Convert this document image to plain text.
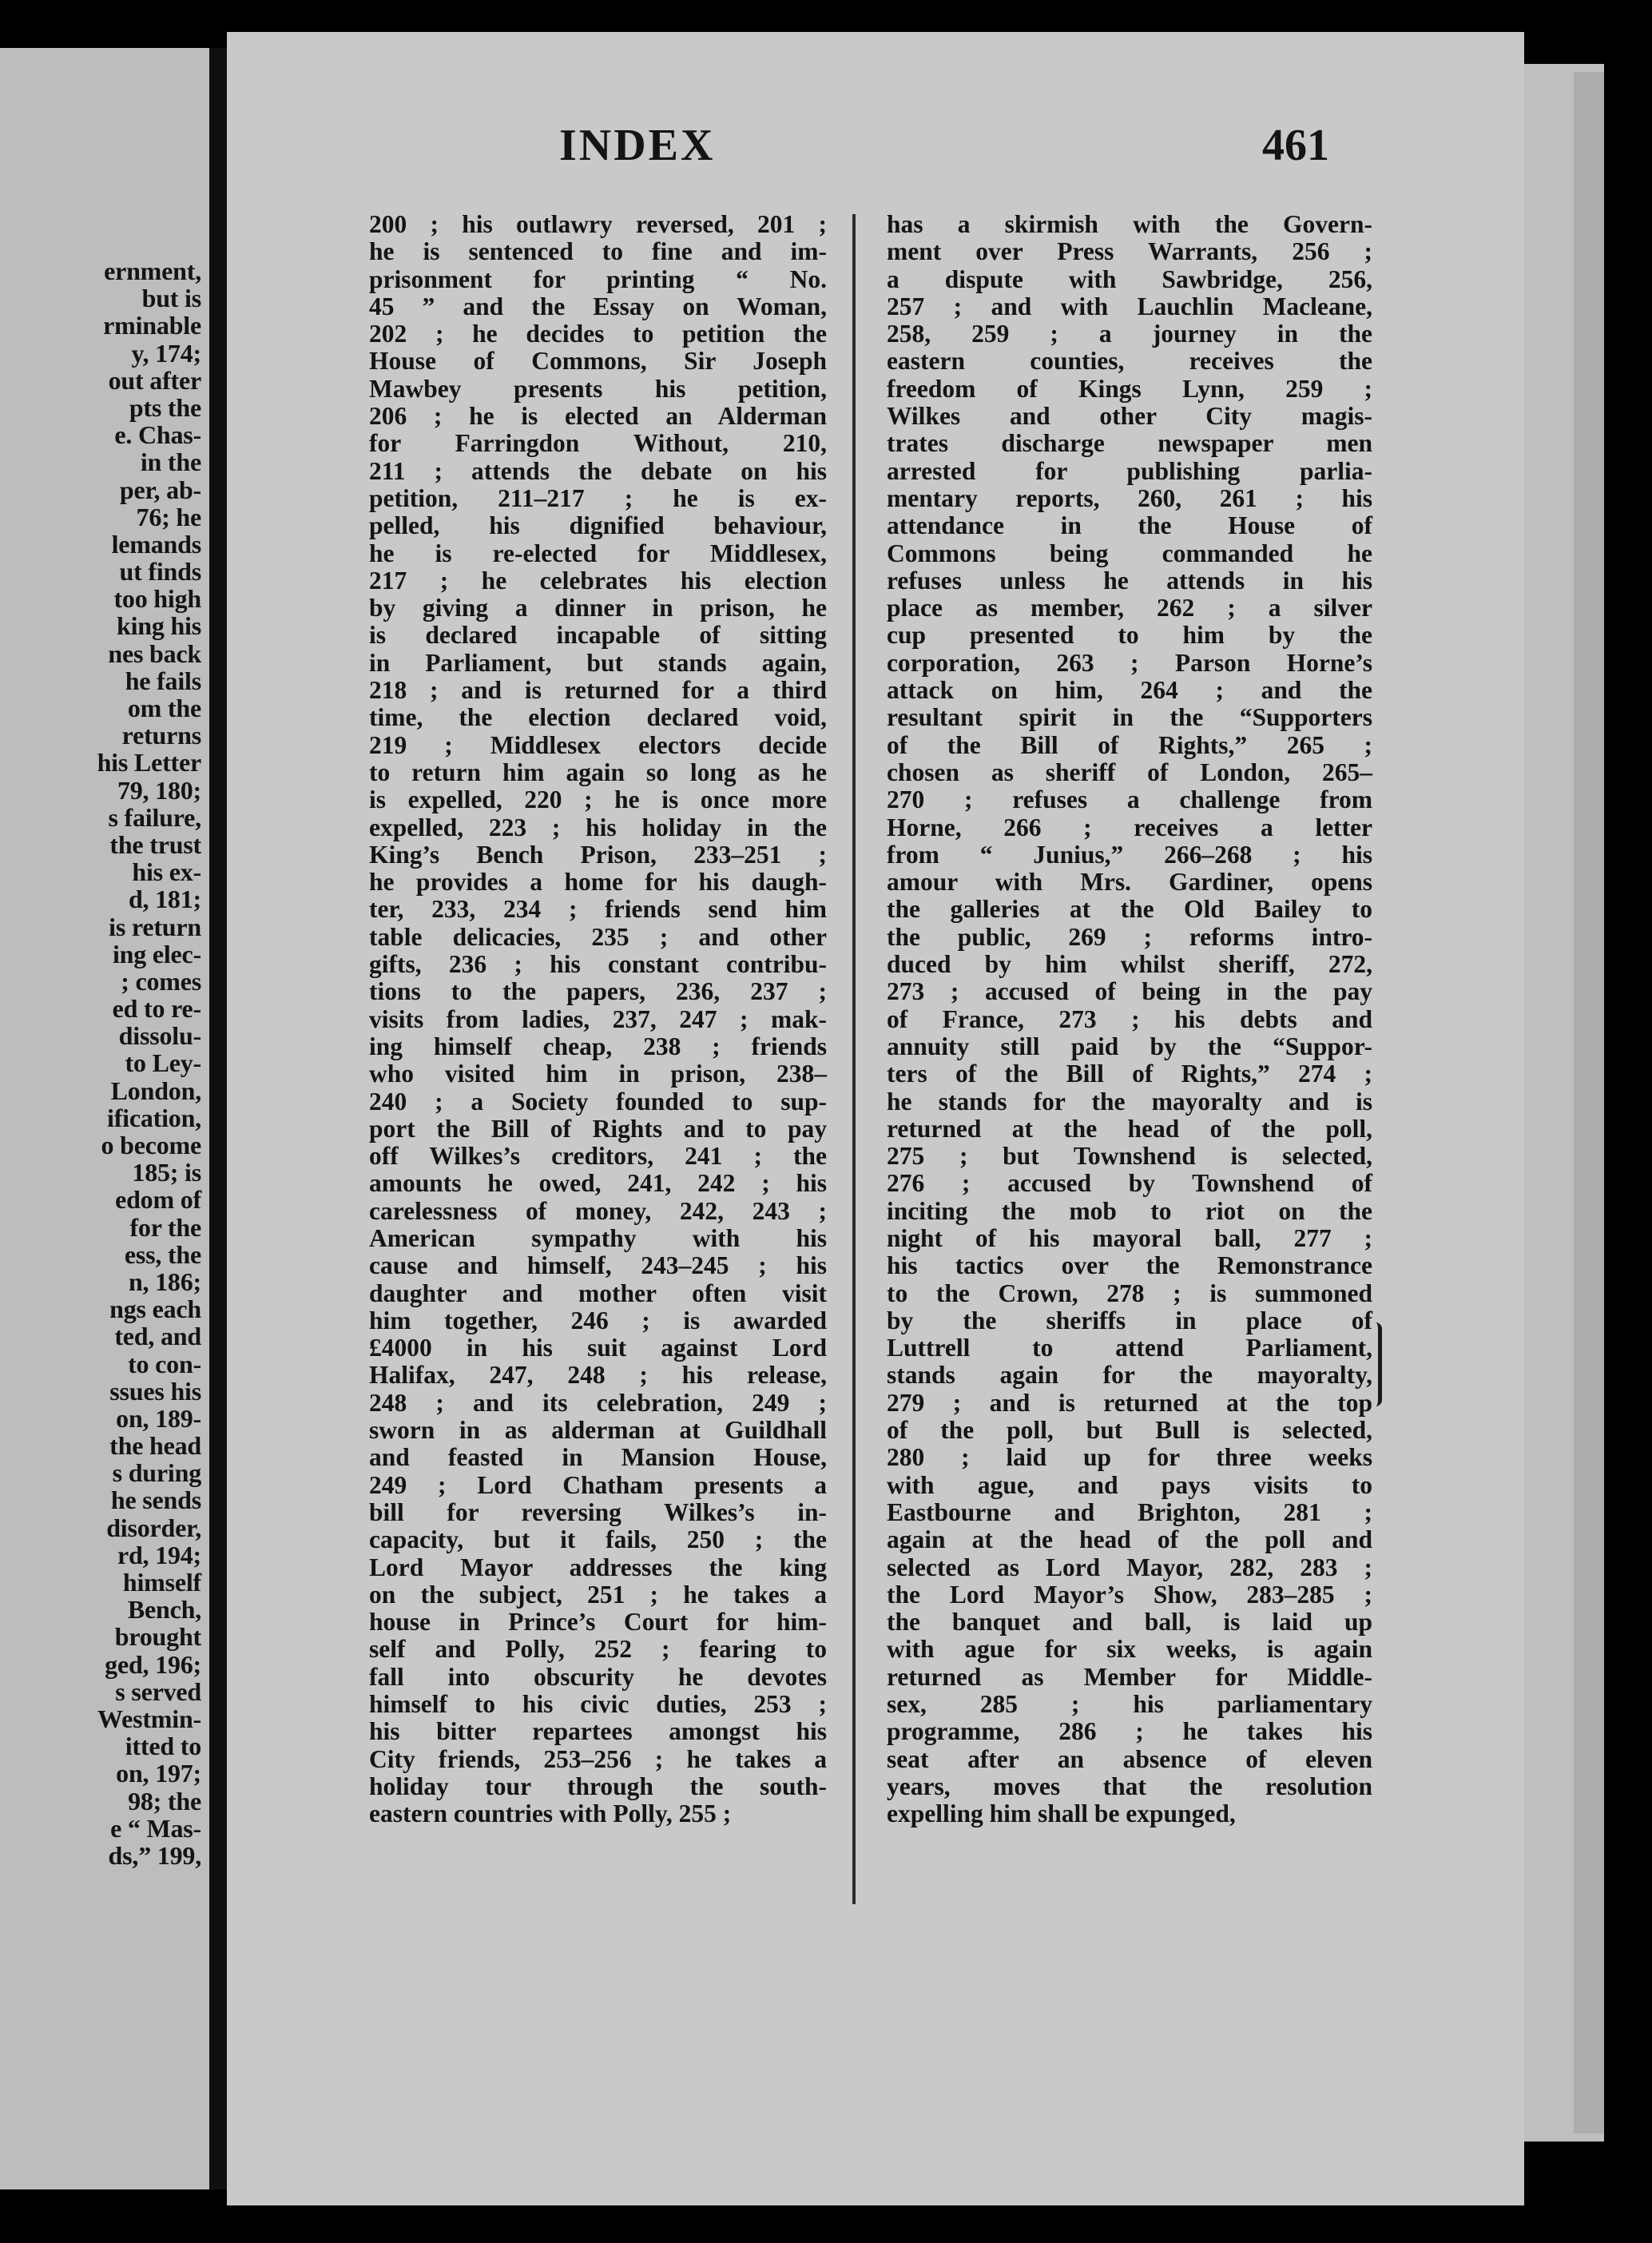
ernment,
but is
rminable
y, 174;
out after
pts the
e. Chas-
in the
per, ab-
76; he
lemands
ut finds
too high
king his
nes back
he fails
om the
returns
his Letter
79, 180;
s failure,
the trust
his ex-
d, 181;
is return
ing elec-
; comes
ed to re-
dissolu-
to Ley-
London,
ification,
o become
185; is
edom of
for the
ess, the
n, 186;
ngs each
ted, and
to con-
ssues his
on, 189-
the head
s during
he sends
disorder,
rd, 194;
himself
Bench,
brought
ged, 196;
s served
Westmin-
itted to
on, 197;
98; the
e “ Mas-
ds,” 199,
INDEX	461
200 ; his outlawry reversed, 201 ;
he is sentenced to fine and im-
prisonment for printing “ No.
45 ” and the Essay on Woman,
202 ; he decides to petition the
House of Commons, Sir Joseph
Mawbey presents his petition,
206 ; he is elected an Alderman
for Farringdon Without, 210,
211 ; attends the debate on his
petition, 211–217 ; he is ex-
pelled, his dignified behaviour,
he is re-elected for Middlesex,
217 ; he celebrates his election
by giving a dinner in prison, he
is declared incapable of sitting
in Parliament, but stands again,
218 ; and is returned for a third
time, the election declared void,
219 ; Middlesex electors decide
to return him again so long as he
is expelled, 220 ; he is once more
expelled, 223 ; his holiday in the
King’s Bench Prison, 233–251 ;
he provides a home for his daugh-
ter, 233, 234 ; friends send him
table delicacies, 235 ; and other
gifts, 236 ; his constant contribu-
tions to the papers, 236, 237 ;
visits from ladies, 237, 247 ; mak-
ing himself cheap, 238 ; friends
who visited him in prison, 238–
240 ; a Society founded to sup-
port the Bill of Rights and to pay
off Wilkes’s creditors, 241 ; the
amounts he owed, 241, 242 ; his
carelessness of money, 242, 243 ;
American sympathy with his
cause and himself, 243–245 ; his
daughter and mother often visit
him together, 246 ; is awarded
£4000 in his suit against Lord
Halifax, 247, 248 ; his release,
248 ; and its celebration, 249 ;
sworn in as alderman at Guildhall
and feasted in Mansion House,
249 ; Lord Chatham presents a
bill for reversing Wilkes’s in-
capacity, but it fails, 250 ; the
Lord Mayor addresses the king
on the subject, 251 ; he takes a
house in Prince’s Court for him-
self and Polly, 252 ; fearing to
fall into obscurity he devotes
himself to his civic duties, 253 ;
his bitter repartees amongst his
City friends, 253–256 ; he takes a
holiday tour through the south-
eastern countries with Polly, 255 ;
has a skirmish with the Govern-
ment over Press Warrants, 256 ;
a dispute with Sawbridge, 256,
257 ; and with Lauchlin Macleane,
258, 259 ; a journey in the
eastern counties, receives the
freedom of Kings Lynn, 259 ;
Wilkes and other City magis-
trates discharge newspaper men
arrested for publishing parlia-
mentary reports, 260, 261 ; his
attendance in the House of
Commons being commanded he
refuses unless he attends in his
place as member, 262 ; a silver
cup presented to him by the
corporation, 263 ; Parson Horne’s
attack on him, 264 ; and the
resultant spirit in the “Supporters
of the Bill of Rights,” 265 ;
chosen as sheriff of London, 265–
270 ; refuses a challenge from
Horne, 266 ; receives a letter
from “ Junius,” 266–268 ; his
amour with Mrs. Gardiner, opens
the galleries at the Old Bailey to
the public, 269 ; reforms intro-
duced by him whilst sheriff, 272,
273 ; accused of being in the pay
of France, 273 ; his debts and
annuity still paid by the “Suppor-
ters of the Bill of Rights,” 274 ;
he stands for the mayoralty and is
returned at the head of the poll,
275 ; but Townshend is selected,
276 ; accused by Townshend of
inciting the mob to riot on the
night of his mayoral ball, 277 ;
his tactics over the Remonstrance
to the Crown, 278 ; is summoned
by the sheriffs in place of
Luttrell to attend Parliament,
stands again for the mayoralty,
279 ; and is returned at the top
of the poll, but Bull is selected,
280 ; laid up for three weeks
with ague, and pays visits to
Eastbourne and Brighton, 281 ;
again at the head of the poll and
selected as Lord Mayor, 282, 283 ;
the Lord Mayor’s Show, 283–285 ;
the banquet and ball, is laid up
with ague for six weeks, is again
returned as Member for Middle-
sex, 285 ; his parliamentary
programme, 286 ; he takes his
seat after an absence of eleven
years, moves that the resolution
expelling him shall be expunged,
